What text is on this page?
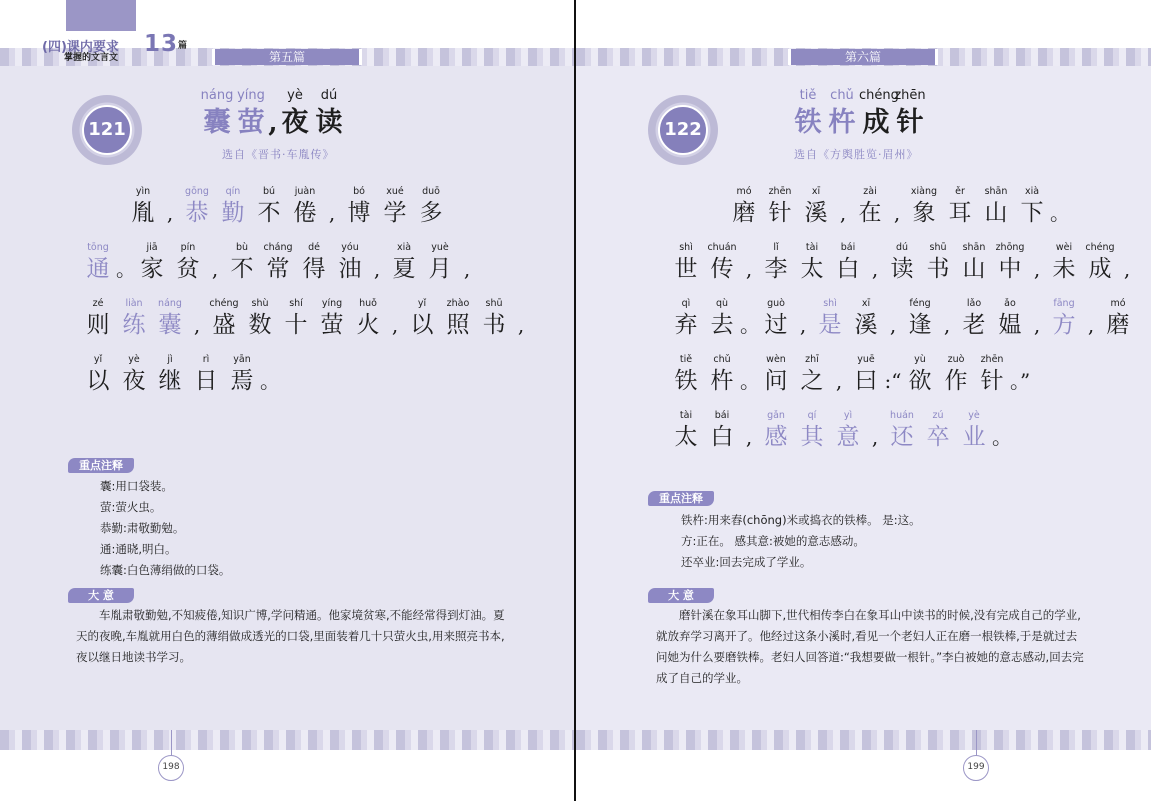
(四)课内要求
掌握的文言文
13 篇
第五篇
121
náng yíng	yè	dú
囊 萤 , 夜 读
选自《晋书·车胤传》
yìn
胤 ,
gōng
恭
qín
勤
bú
不
juàn
倦 ,
bó
博
xué
学
duō
多
tōng
通 。
jiā
家
pín
贫 ,
bù
不
cháng
常
dé
得
yóu
油 ,
xià
夏
yuè
月 ,
zé
则
liàn
练
náng
囊 ,
chéng
盛
shù
数
shí
十
yíng
萤
huǒ
火 ,
yǐ
以
zhào
照
shū
书 ,
yǐ
以
yè
夜
jì
继
rì
日
yān
焉 。
重点注释
囊:用口袋装。
萤:萤火虫。
恭勤:肃敬勤勉。
通:通晓,明白。
练囊:白色薄绢做的口袋。
大 意
车胤肃敬勤勉,不知疲倦,知识广博,学问精通。他家境贫寒,不能经常得到灯油。夏天的夜晚,车胤就用白色的薄绢做成透光的口袋,里面装着几十只萤火虫,用来照亮书本,夜以继日地读书学习。
198
第六篇
122
tiě	chǔ chéng
zhēn
铁 杵 成 针
选自《方舆胜览·眉州》
mó
磨
zhēn
针
xī
溪 ,
zài
在 ,
xiàng
象
ěr
耳
shān
山
xià
下 。
shì
世
chuán
传 ,
lǐ
李
tài
太
bái
白 ,
dú
读
shū
书
shān
山
zhōng
中 ,
wèi
未
chéng
成 ,
qì
弃
qù
去 。
guò
过 ,
shì
是
xī
溪 ,
féng
逢 ,
lǎo
老
ǎo
媪 ,
fāng
方 ,
mó
磨
tiě
铁
chǔ
杵 。
wèn
问
zhī
之 ,
yuē
曰 :“
yù
欲
zuò
作
zhēn
针 。”
tài
太
bái
白 ,
gǎn
感
qí
其
yì
意 ,
huán
还
zú
卒
yè
业 。
重点注释
铁杵:用来舂(chōng)米或捣衣的铁棒。 是:这。
方:正在。 感其意:被她的意志感动。
还卒业:回去完成了学业。
大 意
磨针溪在象耳山脚下,世代相传李白在象耳山中读书的时候,没有完成自己的学业,就放弃学习离开了。他经过这条小溪时,看见一个老妇人正在磨一根铁棒,于是就过去问她为什么要磨铁棒。老妇人回答道:“我想要做一根针。”李白被她的意志感动,回去完成了自己的学业。
199
